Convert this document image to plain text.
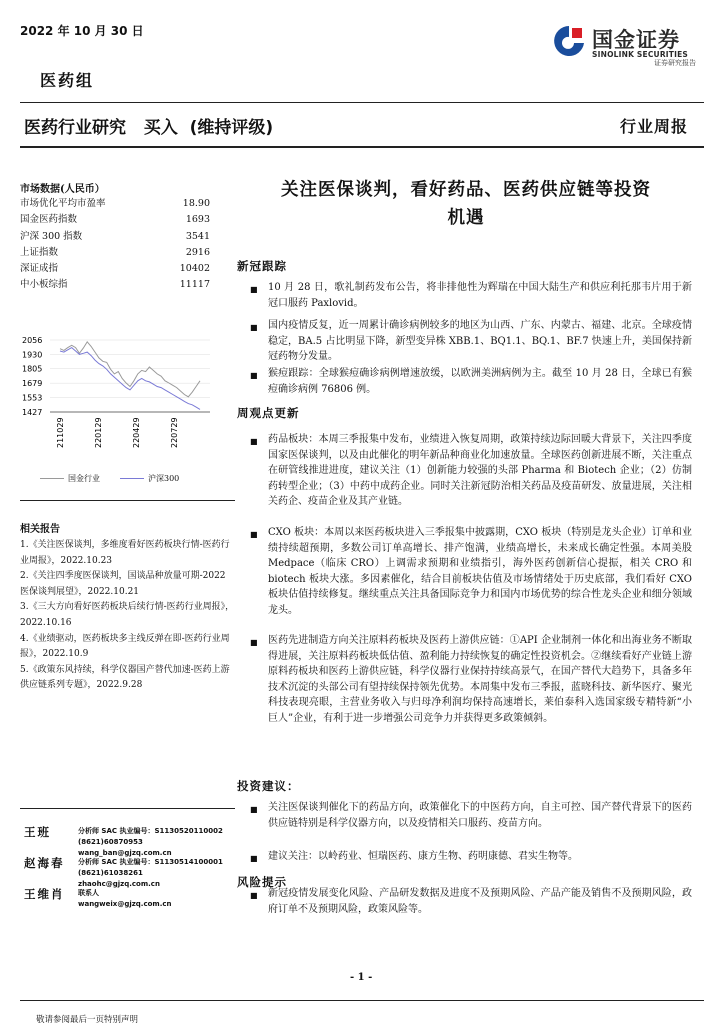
2022 年 10 月 30 日	国金证券
SINOLINK SECURITIES
证券研究报告
医药组
医药行业研究   买入  (维持评级)	行业周报
市场数据(人民币）
市场优化平均市盈率	18.90
国金医药指数	1693
沪深 300 指数	3541
上证指数	2916
深证成指	10402
中小板综指	11117
2056
1930
1805
1679
1553
1427
211029	220129	220429	220729
国金行业	沪深300
相关报告
1.《关注医保谈判，多维度看好医药板块行情-医药行业周报》，2022.10.23
2.《关注四季度医保谈判，国谈品种放量可期-2022 医保谈判展望》，2022.10.21
3.《三大方向看好医药板块后续行情-医药行业周报》，2022.10.16
4.《业绩驱动，医药板块多主线反弹在即-医药行业周报》，2022.10.9
5.《政策东风持续，科学仪器国产替代加速-医药上游供应链系列专题》，2022.9.28
王班	分析师 SAC 执业编号：S1130520110002
(8621)60870953
wang_ban@gjzq.com.cn
赵海春 分析师 SAC 执业编号：S1130514100001
(8621)61038261
zhaohc@gjzq.com.cn
王维肖 联系人
wangweix@gjzq.com.cn
关注医保谈判，看好药品、医药供应链等投资
机遇
新冠跟踪
■ 10 月 28 日，歌礼制药发布公告，将非排他性为辉瑞在中国大陆生产和供应利托那韦片用于新冠口服药 Paxlovid。
■ 国内疫情反复，近一周累计确诊病例较多的地区为山西、广东、内蒙古、福建、北京。全球疫情稳定，BA.5 占比明显下降，新型变异株 XBB.1、BQ1.1、BQ.1、BF.7 快速上升，美国保持新冠药物分发量。
■ 猴痘跟踪：全球猴痘确诊病例增速放缓，以欧洲美洲病例为主。截至 10 月 28 日，全球已有猴痘确诊病例 76806 例。
周观点更新
■ 药品板块：本周三季报集中发布，业绩进入恢复周期，政策持续边际回暖大背景下，关注四季度国家医保谈判，以及由此催化的明年新品种商业化加速放量。全球医药创新进展不断，关注重点在研管线推进进度，建议关注（1）创新能力较强的头部 Pharma 和 Biotech 企业；（2）仿制药转型企业；（3）中药中成药企业。同时关注新冠防治相关药品及疫苗研发、放量进展，关注相关药企、疫苗企业及其产业链。
■ CXO 板块：本周以来医药板块进入三季报集中披露期，CXO 板块（特别是龙头企业）订单和业绩持续超预期，多数公司订单高增长、排产饱满，业绩高增长，未来成长确定性强。本周美股 Medpace（临床 CRO）上调需求预期和业绩指引，海外医药创新信心提振，相关 CRO 和 biotech 板块大涨。多因素催化，结合目前板块估值及市场情绪处于历史底部，我们看好 CXO 板块估值持续修复。继续重点关注具备国际竞争力和国内市场优势的综合性龙头企业和细分领域龙头。
■ 医药先进制造方向关注原料药板块及医药上游供应链：①API 企业制剂一体化和出海业务不断取得进展，关注原料药板块低估值、盈利能力持续恢复的确定性投资机会。②继续看好产业链上游原料药板块和医药上游供应链，科学仪器行业保持持续高景气，在国产替代大趋势下，具备多年技术沉淀的头部公司有望持续保持领先优势。本周集中发布三季报，蓝晓科技、新华医疗、聚光科技表现亮眼，主营业务收入与归母净利润均保持高速增长，莱伯泰科入选国家级专精特新“小巨人”企业，有利于进一步增强公司竞争力并获得更多政策倾斜。
投资建议：
■ 关注医保谈判催化下的药品方向，政策催化下的中医药方向，自主可控、国产替代背景下的医药供应链特别是科学仪器方向，以及疫情相关口服药、疫苗方向。
■ 建议关注：以岭药业、恒瑞医药、康方生物、药明康德、君实生物等。
风险提示
■ 新冠疫情发展变化风险、产品研发数据及进度不及预期风险、产品产能及销售不及预期风险，政府订单不及预期风险，政策风险等。
- 1 -
敬请参阅最后一页特别声明
